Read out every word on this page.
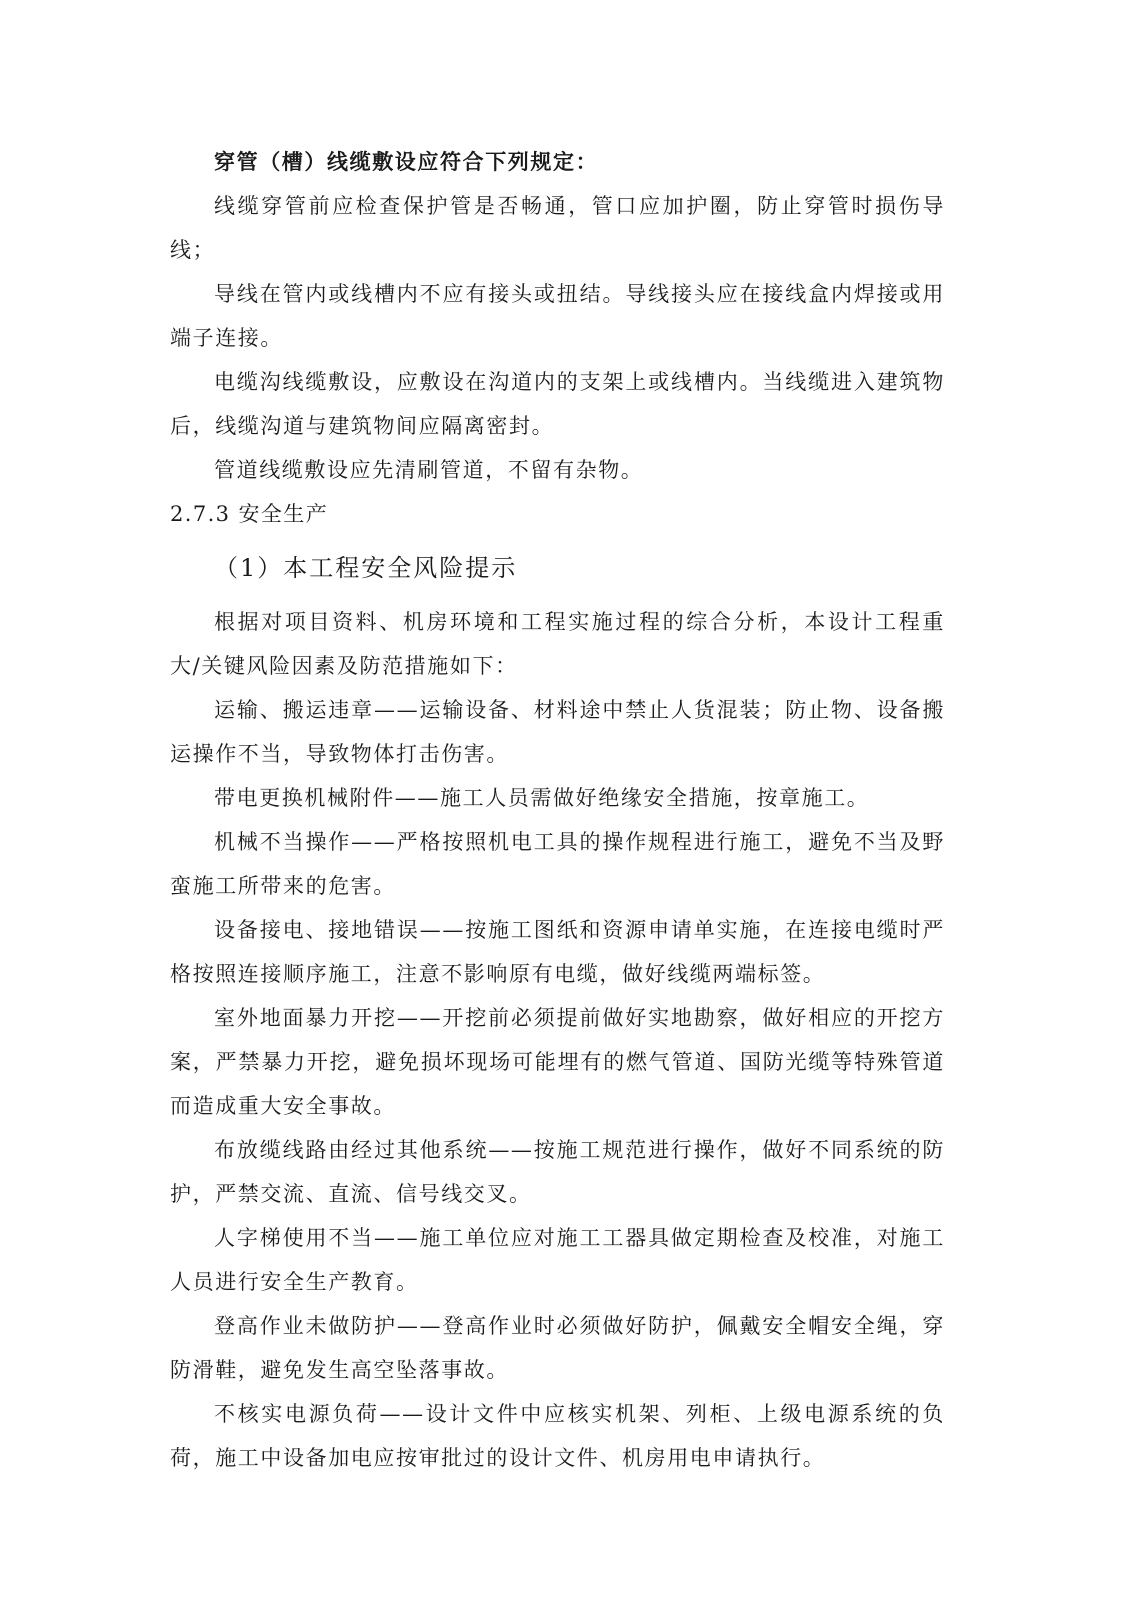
穿管（槽）线缆敷设应符合下列规定：

线缆穿管前应检查保护管是否畅通，管口应加护圈，防止穿管时损伤导线；

导线在管内或线槽内不应有接头或扭结。导线接头应在接线盒内焊接或用端子连接。

电缆沟线缆敷设，应敷设在沟道内的支架上或线槽内。当线缆进入建筑物后，线缆沟道与建筑物间应隔离密封。

管道线缆敷设应先清刷管道，不留有杂物。

2.7.3 安全生产

（1）本工程安全风险提示

根据对项目资料、机房环境和工程实施过程的综合分析，本设计工程重大/关键风险因素及防范措施如下：

运输、搬运违章——运输设备、材料途中禁止人货混装；防止物、设备搬运操作不当，导致物体打击伤害。

带电更换机械附件——施工人员需做好绝缘安全措施，按章施工。

机械不当操作——严格按照机电工具的操作规程进行施工，避免不当及野蛮施工所带来的危害。

设备接电、接地错误——按施工图纸和资源申请单实施，在连接电缆时严格按照连接顺序施工，注意不影响原有电缆，做好线缆两端标签。

室外地面暴力开挖——开挖前必须提前做好实地勘察，做好相应的开挖方案，严禁暴力开挖，避免损坏现场可能埋有的燃气管道、国防光缆等特殊管道而造成重大安全事故。

布放缆线路由经过其他系统——按施工规范进行操作，做好不同系统的防护，严禁交流、直流、信号线交叉。

人字梯使用不当——施工单位应对施工工器具做定期检查及校准，对施工人员进行安全生产教育。

登高作业未做防护——登高作业时必须做好防护，佩戴安全帽安全绳，穿防滑鞋，避免发生高空坠落事故。

不核实电源负荷——设计文件中应核实机架、列柜、上级电源系统的负荷，施工中设备加电应按审批过的设计文件、机房用电申请执行。
